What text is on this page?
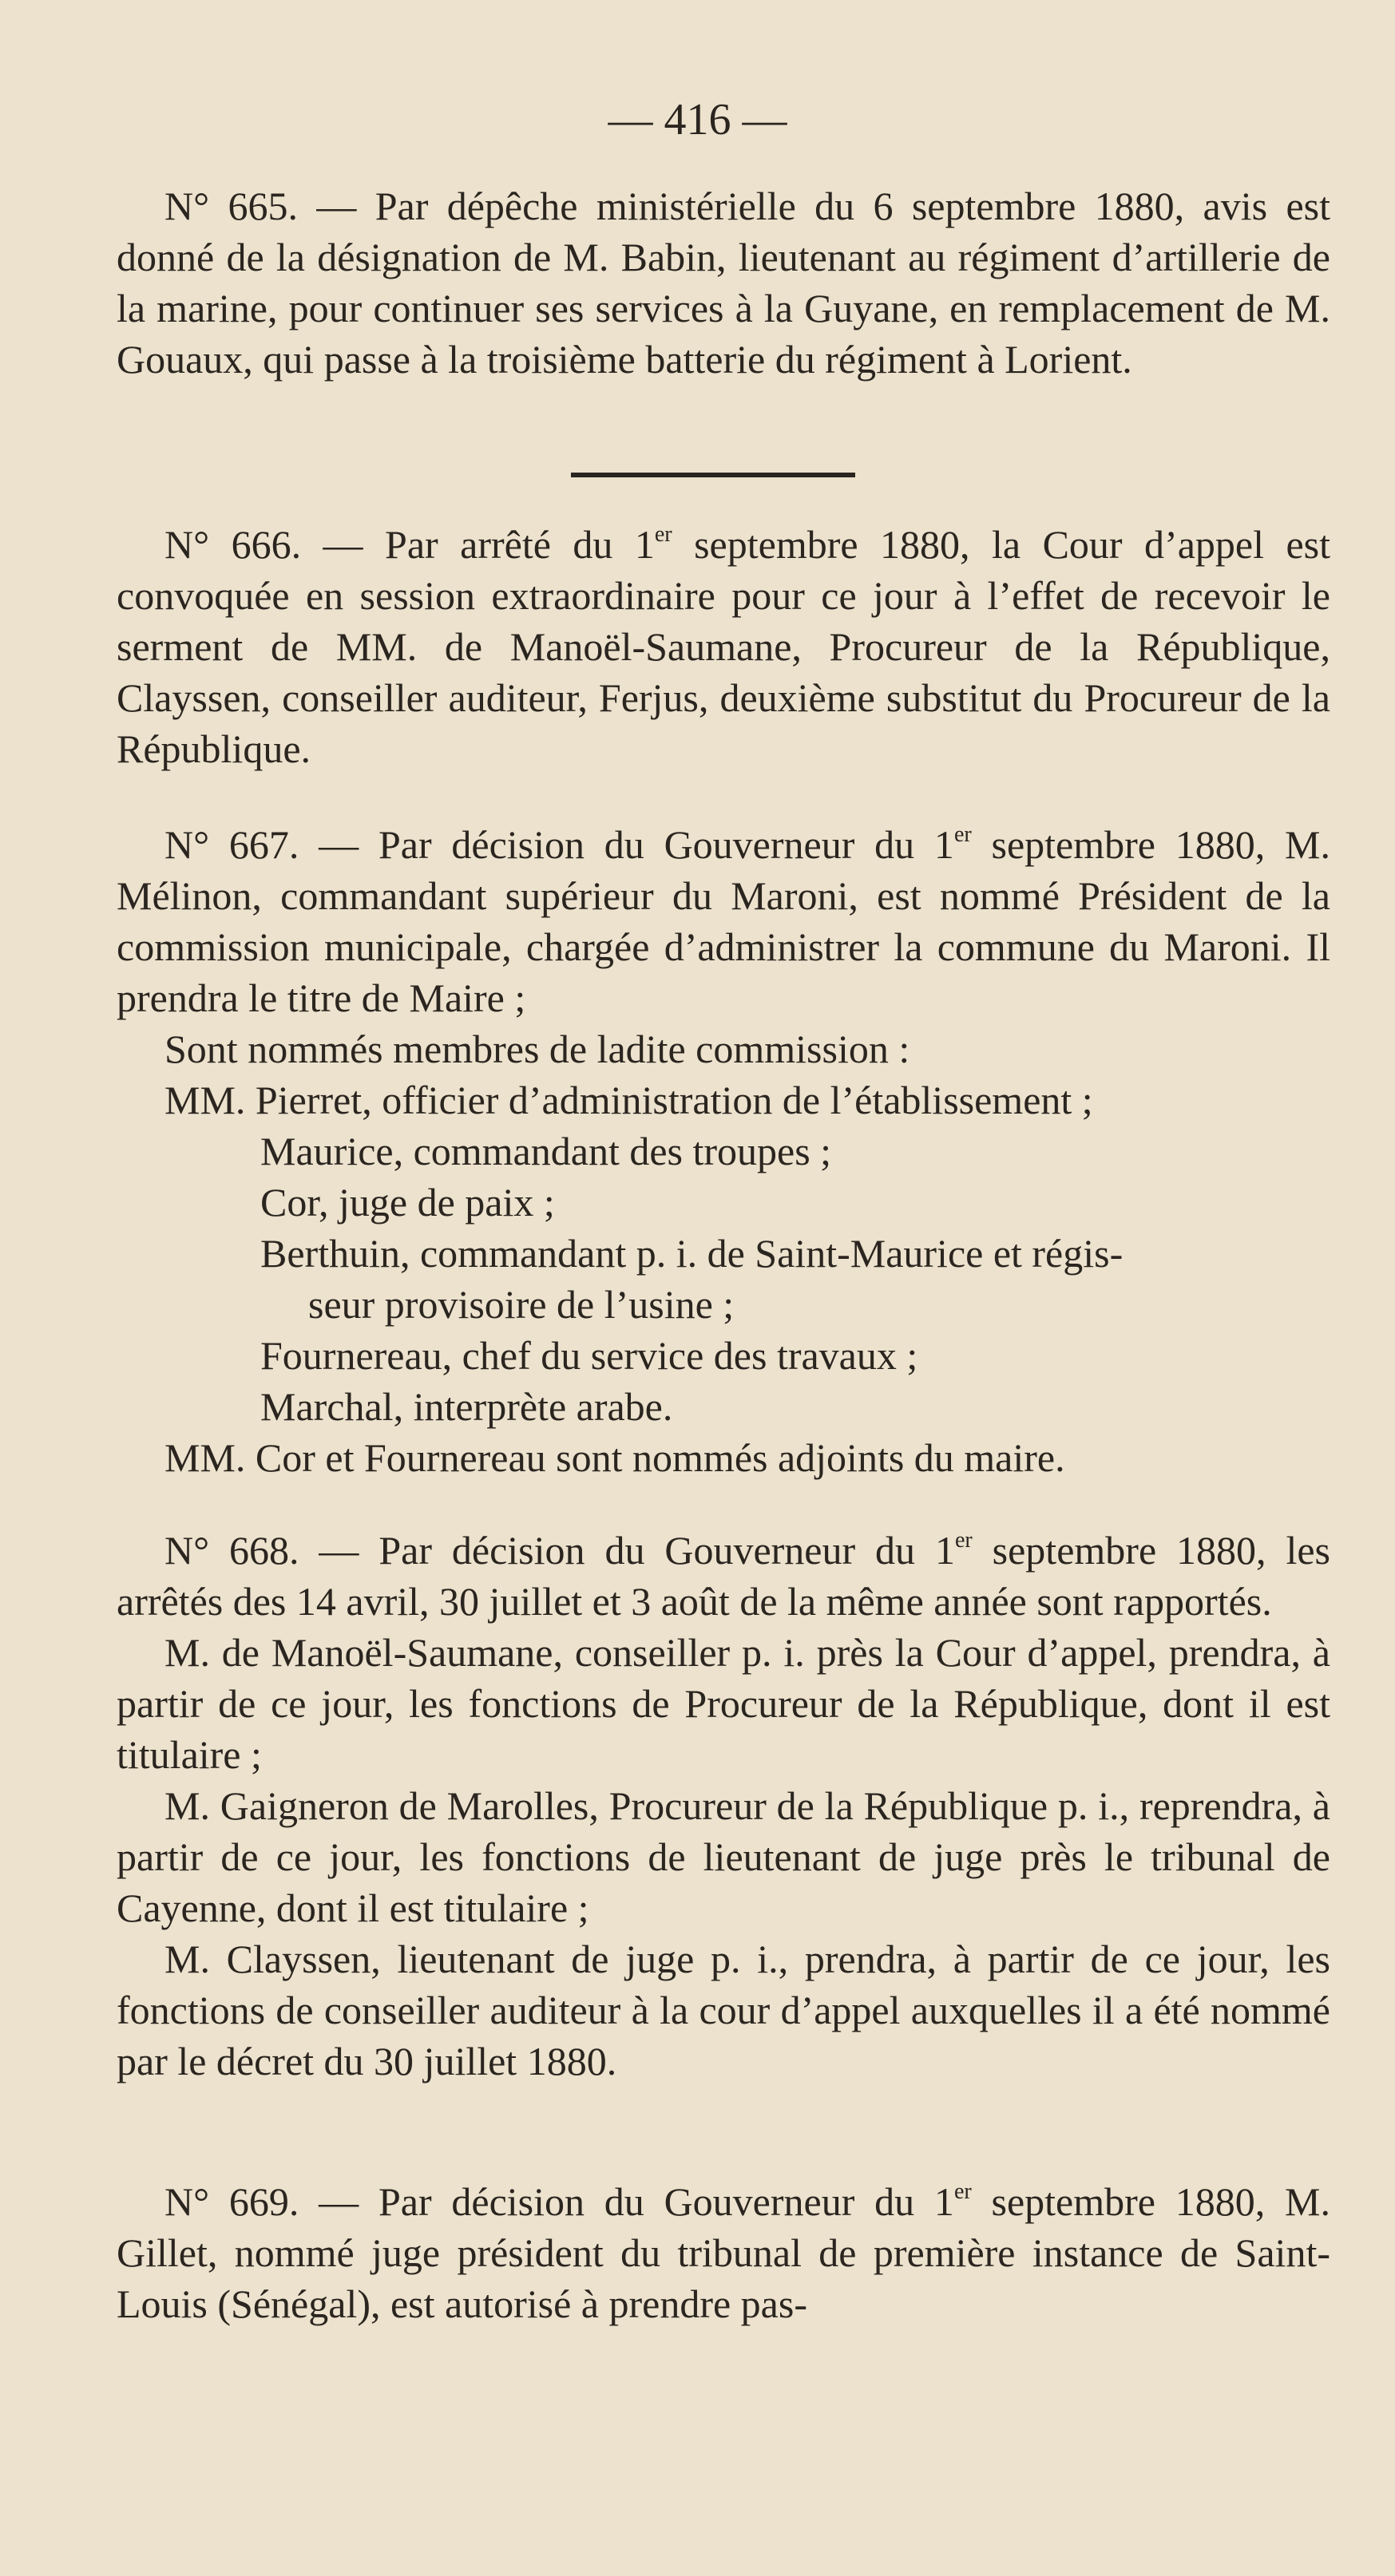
— 416 —

N° 665. — Par dépêche ministérielle du 6 septembre 1880, avis est donné de la désignation de M. Babin, lieutenant au régiment d’artillerie de la marine, pour continuer ses services à la Guyane, en remplacement de M. Gouaux, qui passe à la troisième batterie du régiment à Lorient.

N° 666. — Par arrêté du 1er septembre 1880, la Cour d’appel est convoquée en session extraordinaire pour ce jour à l’effet de recevoir le serment de MM. de Manoël-Saumane, Procureur de la République, Clayssen, conseiller auditeur, Ferjus, deuxième substitut du Procureur de la République.

N° 667. — Par décision du Gouverneur du 1er septembre 1880, M. Mélinon, commandant supérieur du Maroni, est nommé Président de la commission municipale, chargée d’administrer la commune du Maroni. Il prendra le titre de Maire ;

Sont nommés membres de ladite commission :

MM. Pierret, officier d’administration de l’établissement ;

Maurice, commandant des troupes ;

Cor, juge de paix ;

Berthuin, commandant p. i. de Saint-Maurice et régis-

seur provisoire de l’usine ;

Fournereau, chef du service des travaux ;

Marchal, interprète arabe.

MM. Cor et Fournereau sont nommés adjoints du maire.

N° 668. — Par décision du Gouverneur du 1er septembre 1880, les arrêtés des 14 avril, 30 juillet et 3 août de la même année sont rapportés.

M. de Manoël-Saumane, conseiller p. i. près la Cour d’appel, prendra, à partir de ce jour, les fonctions de Procureur de la République, dont il est titulaire ;

M. Gaigneron de Marolles, Procureur de la République p. i., reprendra, à partir de ce jour, les fonctions de lieutenant de juge près le tribunal de Cayenne, dont il est titulaire ;

M. Clayssen, lieutenant de juge p. i., prendra, à partir de ce jour, les fonctions de conseiller auditeur à la cour d’appel auxquelles il a été nommé par le décret du 30 juillet 1880.

N° 669. — Par décision du Gouverneur du 1er septembre 1880, M. Gillet, nommé juge président du tribunal de première instance de Saint-Louis (Sénégal), est autorisé à prendre pas-
